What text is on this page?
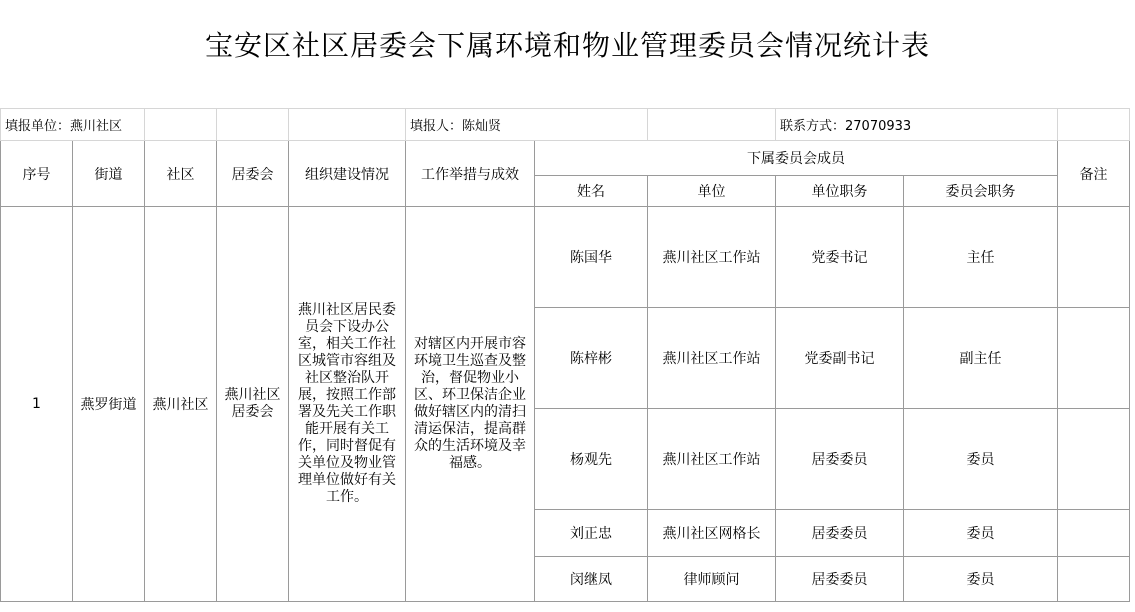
宝安区社区居委会下属环境和物业管理委员会情况统计表
填报单位：燕川社区					填报人：陈灿贤			联系方式：27070933		
序号	街道	社区	居委会	组织建设情况	工作举措与成效	下属委员会成员				备注
						姓名	单位	单位职务	委员会职务	
1	燕罗街道	燕川社区	燕川社区居委会	燕川社区居民委员会下设办公室，相关工作社区城管市容组及社区整治队开展，按照工作部署及先关工作职能开展有关工作，同时督促有关单位及物业管理单位做好有关工作。	对辖区内开展市容环境卫生巡查及整治，督促物业小区、环卫保洁企业做好辖区内的清扫清运保洁，提高群众的生活环境及幸福感。	陈国华	燕川社区工作站	党委书记	主任	
						陈梓彬	燕川社区工作站	党委副书记	副主任	
						杨观先	燕川社区工作站	居委委员	委员	
						刘正忠	燕川社区网格长	居委委员	委员	
						闵继凤	律师顾问	居委委员	委员	
